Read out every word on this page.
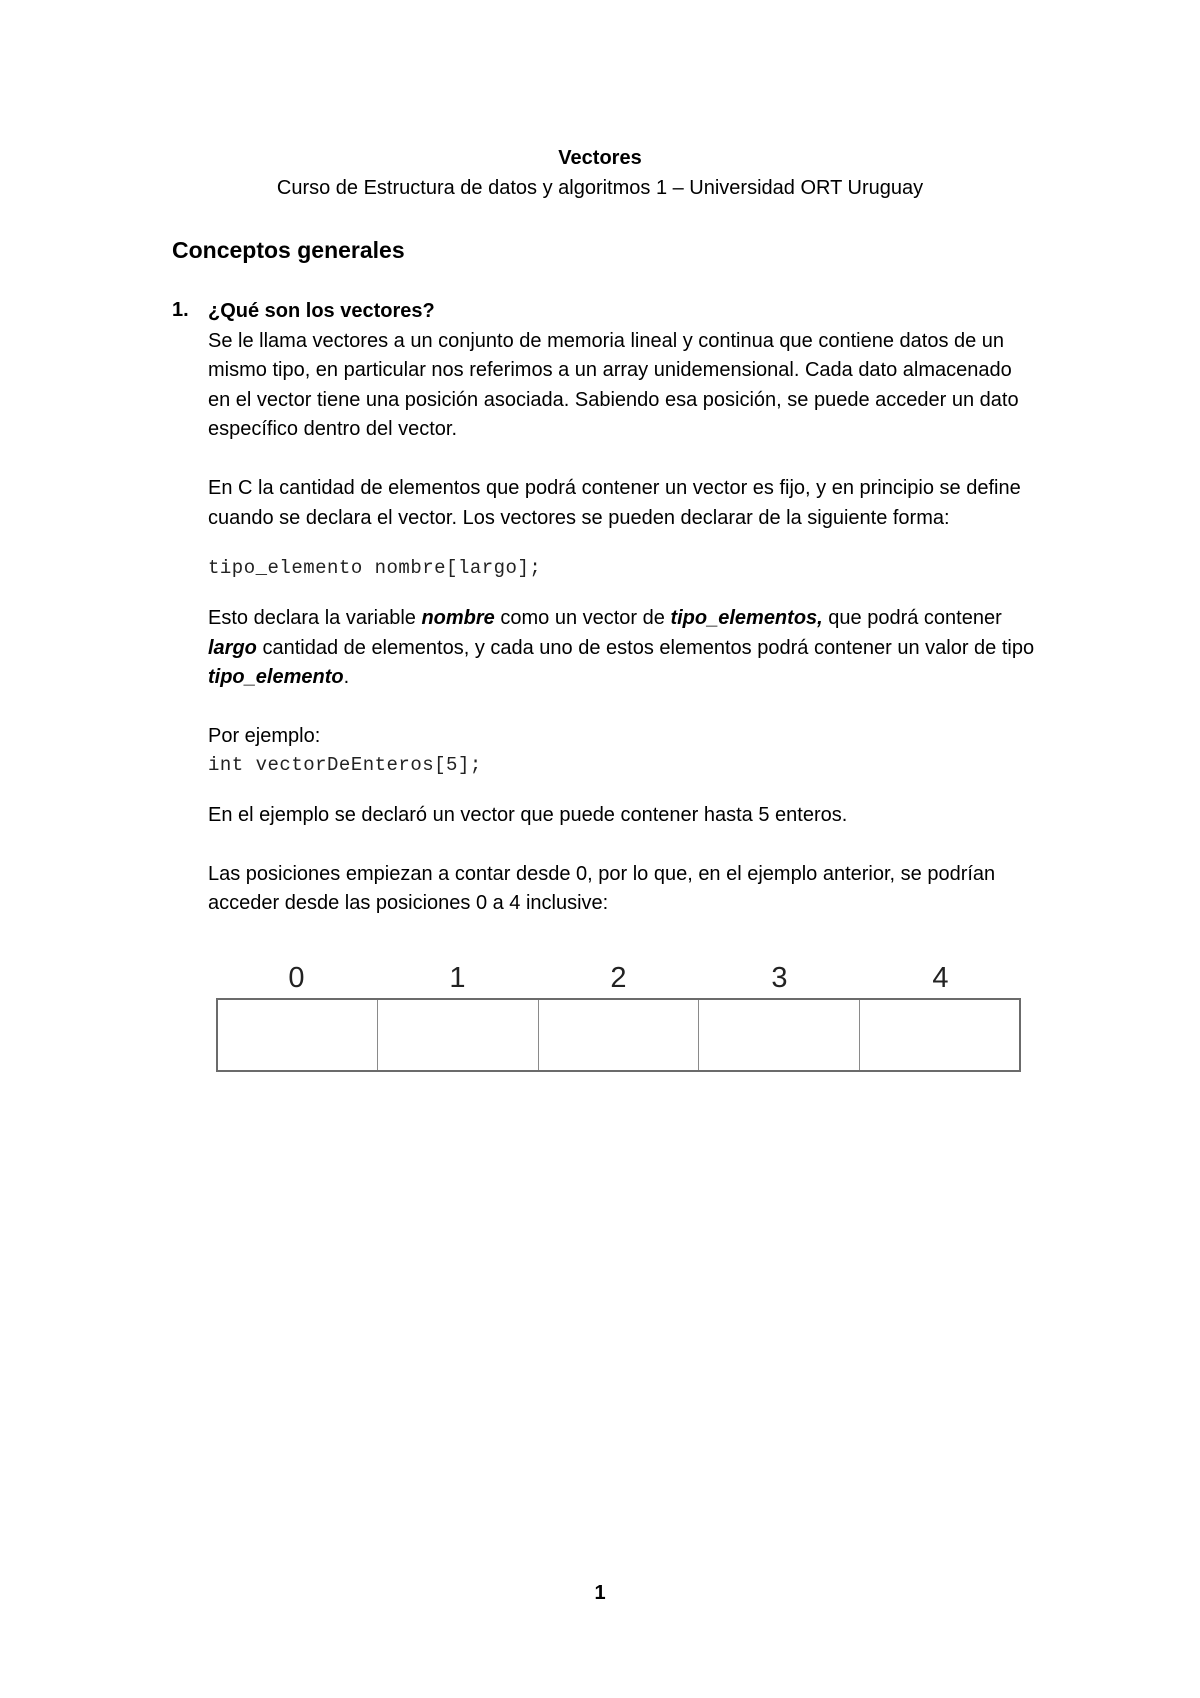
Vectores
Curso de Estructura de datos y algoritmos 1 – Universidad ORT Uruguay
Conceptos generales
1. ¿Qué son los vectores?

Se le llama vectores a un conjunto de memoria lineal y continua que contiene datos de un mismo tipo, en particular nos referimos a un array unidemensional. Cada dato almacenado en el vector tiene una posición asociada. Sabiendo esa posición, se puede acceder un dato específico dentro del vector.

En C la cantidad de elementos que podrá contener un vector es fijo, y en principio se define cuando se declara el vector. Los vectores se pueden declarar de la siguiente forma:

tipo_elemento nombre[largo];

Esto declara la variable nombre como un vector de tipo_elementos, que podrá contener largo cantidad de elementos, y cada uno de estos elementos podrá contener un valor de tipo tipo_elemento.

Por ejemplo:

int vectorDeEnteros[5];

En el ejemplo se declaró un vector que puede contener hasta 5 enteros.

Las posiciones empiezan a contar desde 0, por lo que, en el ejemplo anterior, se podrían acceder desde las posiciones 0 a 4 inclusive:

0	1	2	3	4
1
